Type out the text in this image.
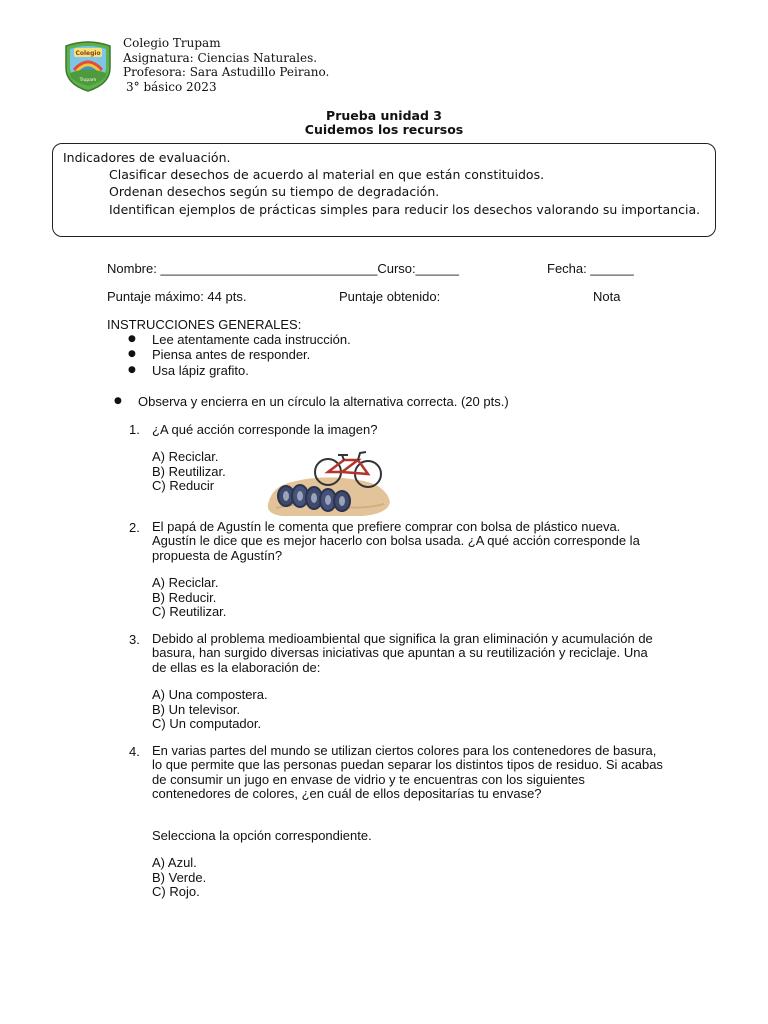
Colegio
Trupam
Colegio Trupam
Asignatura: Ciencias Naturales.
Profesora: Sara Astudillo Peirano.
3° básico 2023
Prueba unidad 3
Cuidemos los recursos
Indicadores de evaluación.
Clasificar desechos de acuerdo al material en que están constituidos.
Ordenan desechos según su tiempo de degradación.
Identifican ejemplos de prácticas simples para reducir los desechos valorando su importancia.
Nombre: ______________________________Curso:______	Fecha: ______
Puntaje máximo: 44 pts.	Puntaje obtenido:	Nota
INSTRUCCIONES GENERALES:
● Lee atentamente cada instrucción.
● Piensa antes de responder.
● Usa lápiz grafito.
● Observa y encierra en un círculo la alternativa correcta. (20 pts.)
1. ¿A qué acción corresponde la imagen?
A) Reciclar.
B) Reutilizar.
C) Reducir
2. El papá de Agustín le comenta que prefiere comprar con bolsa de plástico nueva. Agustín le dice que es mejor hacerlo con bolsa usada. ¿A qué acción corresponde la propuesta de Agustín?
A) Reciclar.
B) Reducir.
C) Reutilizar.
3. Debido al problema medioambiental que significa la gran eliminación y acumulación de basura, han surgido diversas iniciativas que apuntan a su reutilización y reciclaje. Una de ellas es la elaboración de:
A) Una compostera.
B) Un televisor.
C) Un computador.
4. En varias partes del mundo se utilizan ciertos colores para los contenedores de basura, lo que permite que las personas puedan separar los distintos tipos de residuo. Si acabas de consumir un jugo en envase de vidrio y te encuentras con los siguientes contenedores de colores, ¿en cuál de ellos depositarías tu envase?
Selecciona la opción correspondiente.
A) Azul.
B) Verde.
C) Rojo.
